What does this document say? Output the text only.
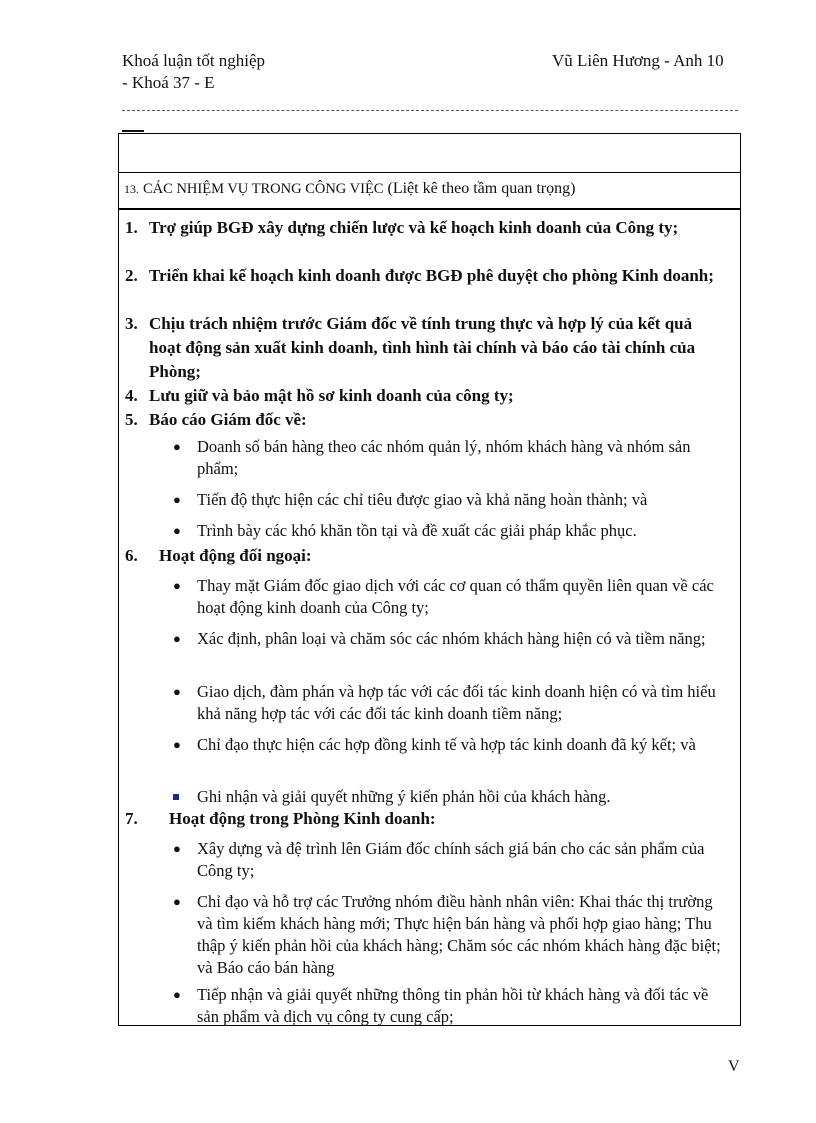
Khoá luận tốt nghiệp
- Khoá 37 - E
Vũ Liên Hương - Anh 10
13. CÁC NHIỆM VỤ TRONG CÔNG VIỆC (Liệt kê theo tầm quan trọng)
1. Trợ giúp BGĐ xây dựng chiến lược và kế hoạch kinh doanh của Công ty;
2. Triển khai kế hoạch kinh doanh được BGĐ phê duyệt cho phòng Kinh doanh;
3. Chịu trách nhiệm trước Giám đốc về tính trung thực và hợp lý của kết quả hoạt động sản xuất kinh doanh, tình hình tài chính và báo cáo tài chính của Phòng;
4. Lưu giữ và bảo mật hồ sơ kinh doanh của công ty;
5. Báo cáo Giám đốc về:
● Doanh số bán hàng theo các nhóm quản lý, nhóm khách hàng và nhóm sản phẩm;
● Tiến độ thực hiện các chỉ tiêu được giao và khả năng hoàn thành; và
● Trình bày các khó khăn tồn tại và đề xuất các giải pháp khắc phục.
6.	Hoạt động đối ngoại:
● Thay mặt Giám đốc giao dịch với các cơ quan có thẩm quyền liên quan về các hoạt động kinh doanh của Công ty;
● Xác định, phân loại và chăm sóc các nhóm khách hàng hiện có và tiềm năng;
● Giao dịch, đàm phán và hợp tác với các đối tác kinh doanh hiện có và tìm hiểu khả năng hợp tác với các đối tác kinh doanh tiềm năng;
● Chỉ đạo thực hiện các hợp đồng kinh tế và hợp tác kinh doanh đã ký kết; và
Ghi nhận và giải quyết những ý kiến phản hồi của khách hàng.
7.	Hoạt động trong Phòng Kinh doanh:
● Xây dựng và đệ trình lên Giám đốc chính sách giá bán cho các sản phẩm của Công ty;
● Chỉ đạo và hỗ trợ các Trưởng nhóm điều hành nhân viên: Khai thác thị trường và tìm kiếm khách hàng mới; Thực hiện bán hàng và phối hợp giao hàng; Thu thập ý kiến phản hồi của khách hàng; Chăm sóc các nhóm khách hàng đặc biệt; và Báo cáo bán hàng
● Tiếp nhận và giải quyết những thông tin phản hồi từ khách hàng và đối tác về sản phẩm và dịch vụ công ty cung cấp;
V
